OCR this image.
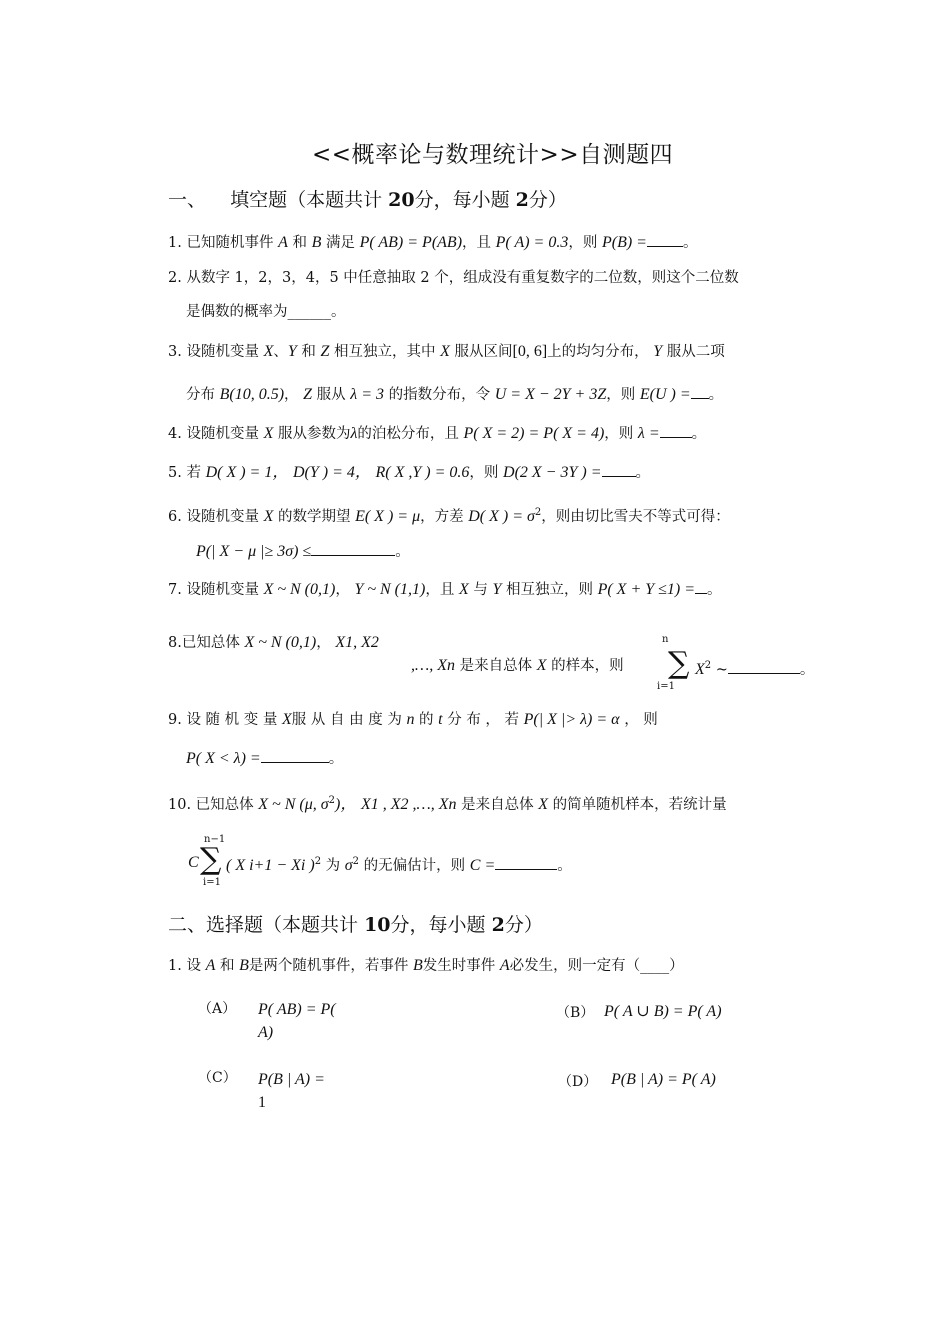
<<概率论与数理统计>>自测题四
一、 填空题（本题共计 20分，每小题 2分）
1. 已知随机事件 A 和 B 满足 P( AB) = P(AB)，且 P( A) = 0.3，则 P(B) = 。
2. 从数字 1，2，3，4，5 中任意抽取 2 个，组成没有重复数字的二位数，则这个二位数
是偶数的概率为______。
3. 设随机变量 X、Y 和 Z 相互独立，其中 X 服从区间[0, 6]上的均匀分布， Y 服从二项
分布 B(10, 0.5)， Z 服从 λ = 3 的指数分布，令 U = X − 2Y + 3Z，则 E(U ) = 。
4. 设随机变量 X 服从参数为λ的泊松分布，且 P( X = 2) = P( X = 4)，则 λ = 。
5. 若 D( X ) = 1， D(Y ) = 4， R( X ,Y ) = 0.6，则 D(2 X − 3Y ) = 。
6. 设随机变量 X 的数学期望 E( X ) = μ，方差 D( X ) = $\sigma^2$，则由切比雪夫不等式可得：
P(| X − μ |≥ 3σ) ≤	。
7. 设随机变量 X ~ N (0,1)， Y ~ N (1,1)，且 X 与 Y 相互独立，则 P( X + Y ≤1) = 。
8.已知总体 X ~ N (0,1)， X1, X2
,…, Xn 是来自总体 X 的样本，则
n
∑
i=1
$X^2$ ~	。
9. 设 随 机 变 量 X服 从 自 由 度 为 n 的 t 分 布 ， 若 P(| X |> λ) = α ， 则
P( X < λ) =	。
10. 已知总体 X ~ N (μ, $\sigma^2$)， X1 , X2 ,…, Xn 是来自总体 X 的简单随机样本，若统计量
n−1
C ∑
i=1
( X i+1 − Xi )$^2$ 为 $\sigma^2$ 的无偏估计，则 C =	。
二、选择题（本题共计 10分，每小题 2分）
1. 设 A 和 B是两个随机事件，若事件 B发生时事件 A必发生，则一定有（____）
（A） P( AB) = P(
A)
（B） P( A ∪ B) = P( A)
（C） P(B | A) =
1
（D） P(B | A) = P( A)
